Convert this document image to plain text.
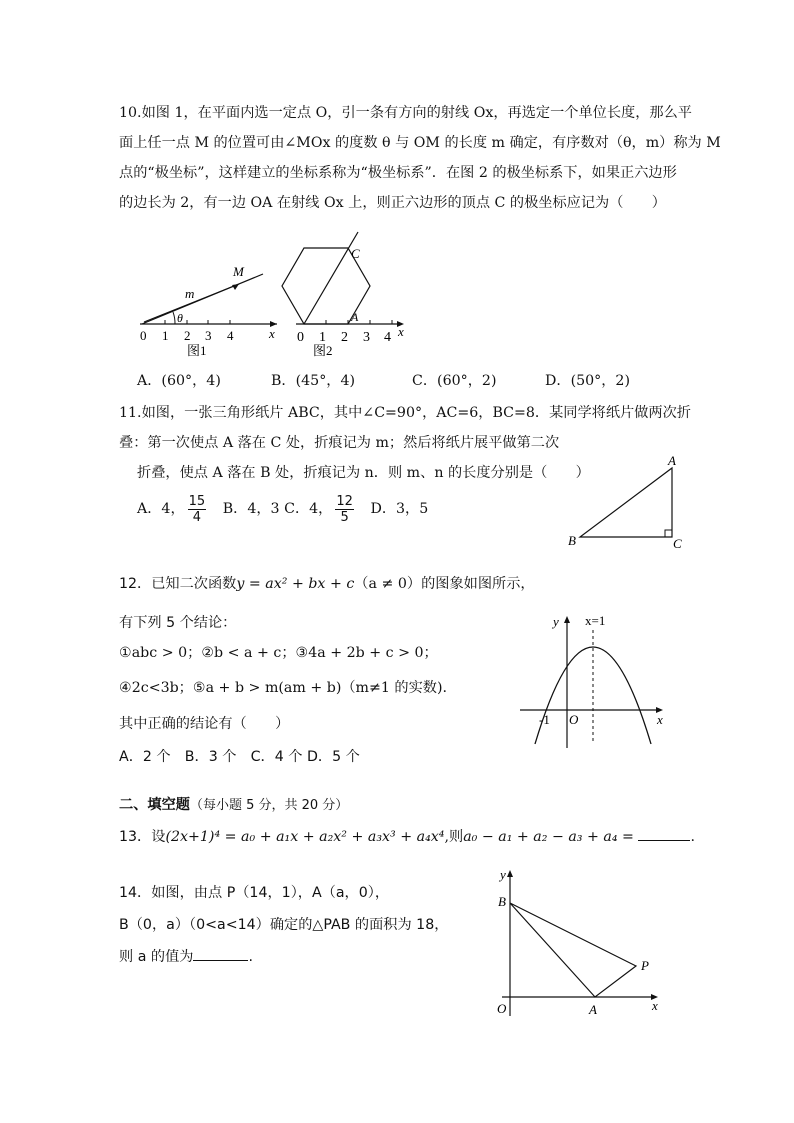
10.如图 1，在平面内选一定点 O，引一条有方向的射线 Ox，再选定一个单位长度，那么平
面上任一点 M 的位置可由∠MOx 的度数 θ 与 OM 的长度 m 确定，有序数对（θ，m）称为 M
点的“极坐标”，这样建立的坐标系称为“极坐标系”．在图 2 的极坐标系下，如果正六边形
的边长为 2，有一边 OA 在射线 Ox 上，则正六边形的顶点 C 的极坐标应记为（　　）
0 1 2 3 4	x
M
m
θ
图1
0 1 2 3 4 x
C
A
图2
A．(60°，4)	B．(45°，4)	C．(60°，2)	D．(50°，2)
11.如图，一张三角形纸片 ABC，其中∠C=90°，AC=6，BC=8．某同学将纸片做两次折
叠：第一次使点 A 落在 C 处，折痕记为 m；然后将纸片展平做第二次
折叠，使点 A 落在 B 处，折痕记为 n．则 m、n 的长度分别是（　　）
A．4， $\frac{15}{4}$ B．4，3 C．4， $\frac{12}{5}$ D．3，5
A
B	C
12．已知二次函数y = ax² + bx + c（a ≠ 0）的图象如图所示，
有下列 5 个结论：
①abc > 0；②b < a + c；③4a + 2b + c > 0；
④2c<3b；⑤a + b > m(am + b)（m≠1 的实数).
其中正确的结论有（　　）
A．2 个　B．3 个　C．4 个 D．5 个
y x=1
x
O
-1
二、填空题（每小题 5 分，共 20 分）
13．设(2x+1)⁴ = a₀ + a₁x + a₂x² + a₃x³ + a₄x⁴,则a₀ − a₁ + a₂ − a₃ + a₄ =	.
14．如图，由点 P（14，1），A（a，0），
B（0，a）（0<a<14）确定的△PAB 的面积为 18，
则 a 的值为	.
y
B
P
A
O	x
